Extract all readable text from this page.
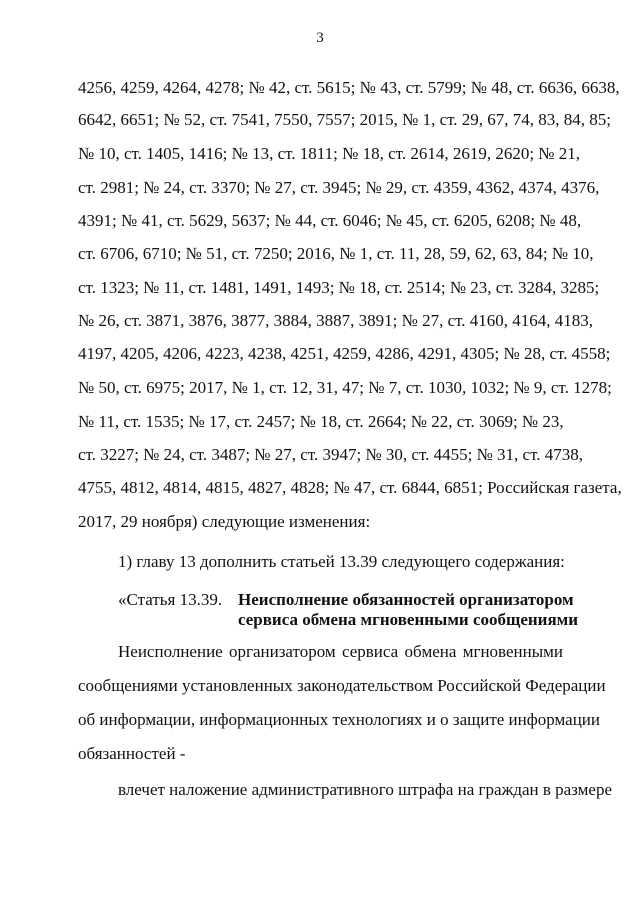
3
4256, 4259, 4264, 4278; № 42, ст. 5615; № 43, ст. 5799; № 48, ст. 6636, 6638,
6642, 6651; № 52, ст. 7541, 7550, 7557; 2015, № 1, ст. 29, 67, 74, 83, 84, 85;
№ 10, ст. 1405, 1416; № 13, ст. 1811; № 18, ст. 2614, 2619, 2620; № 21,
ст. 2981; № 24, ст. 3370; № 27, ст. 3945; № 29, ст. 4359, 4362, 4374, 4376,
4391; № 41, ст. 5629, 5637; № 44, ст. 6046; № 45, ст. 6205, 6208; № 48,
ст. 6706, 6710; № 51, ст. 7250; 2016, № 1, ст. 11, 28, 59, 62, 63, 84; № 10,
ст. 1323; № 11, ст. 1481, 1491, 1493; № 18, ст. 2514; № 23, ст. 3284, 3285;
№ 26, ст. 3871, 3876, 3877, 3884, 3887, 3891; № 27, ст. 4160, 4164, 4183,
4197, 4205, 4206, 4223, 4238, 4251, 4259, 4286, 4291, 4305; № 28, ст. 4558;
№ 50, ст. 6975; 2017, № 1, ст. 12, 31, 47; № 7, ст. 1030, 1032; № 9, ст. 1278;
№ 11, ст. 1535; № 17, ст. 2457; № 18, ст. 2664; № 22, ст. 3069; № 23,
ст. 3227; № 24, ст. 3487; № 27, ст. 3947; № 30, ст. 4455; № 31, ст. 4738,
4755, 4812, 4814, 4815, 4827, 4828; № 47, ст. 6844, 6851; Российская газета,
2017, 29 ноября) следующие изменения:
1) главу 13 дополнить статьей 13.39 следующего содержания:
«Статья 13.39. Неисполнение обязанностей организатором
сервиса обмена мгновенными сообщениями
Неисполнение организатором сервиса обмена мгновенными
сообщениями установленных законодательством Российской Федерации
об информации, информационных технологиях и о защите информации
обязанностей -
влечет наложение административного штрафа на граждан в размере
